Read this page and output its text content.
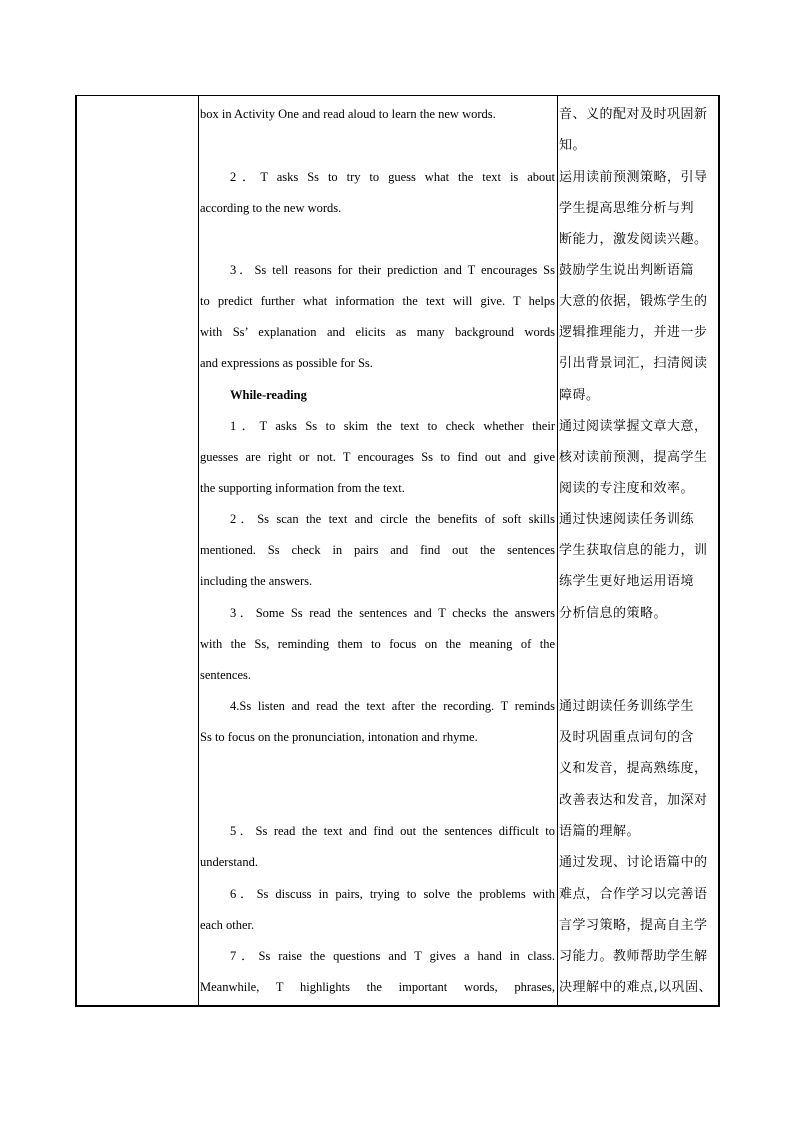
box in Activity One and read aloud to learn the new words.
2．T asks Ss to try to guess what the text is about
according to the new words.
3．Ss tell reasons for their prediction and T encourages Ss
to predict further what information the text will give. T helps
with Ss’ explanation and elicits as many background words
and expressions as possible for Ss.
While-reading
1．T asks Ss to skim the text to check whether their
guesses are right or not. T encourages Ss to find out and give
the supporting information from the text.
2．Ss scan the text and circle the benefits of soft skills
mentioned. Ss check in pairs and find out the sentences
including the answers.
3．Some Ss read the sentences and T checks the answers
with the Ss, reminding them to focus on the meaning of the
sentences.
4.Ss listen and read the text after the recording. T reminds
Ss to focus on the pronunciation, intonation and rhyme.
5．Ss read the text and find out the sentences difficult to
understand.
6．Ss discuss in pairs, trying to solve the problems with
each other.
7．Ss raise the questions and T gives a hand in class.
Meanwhile, T highlights the important words, phrases,
音、义的配对及时巩固新
知。
运用读前预测策略，引导
学生提高思维分析与判
断能力，激发阅读兴趣。
鼓励学生说出判断语篇
大意的依据，锻炼学生的
逻辑推理能力，并进一步
引出背景词汇，扫清阅读
障碍。
通过阅读掌握文章大意，
核对读前预测，提高学生
阅读的专注度和效率。
通过快速阅读任务训练
学生获取信息的能力，训
练学生更好地运用语境
分析信息的策略。
通过朗读任务训练学生
及时巩固重点词句的含
义和发音，提高熟练度，
改善表达和发音，加深对
语篇的理解。
通过发现、讨论语篇中的
难点，合作学习以完善语
言学习策略，提高自主学
习能力。教师帮助学生解
决理解中的难点,以巩固、
